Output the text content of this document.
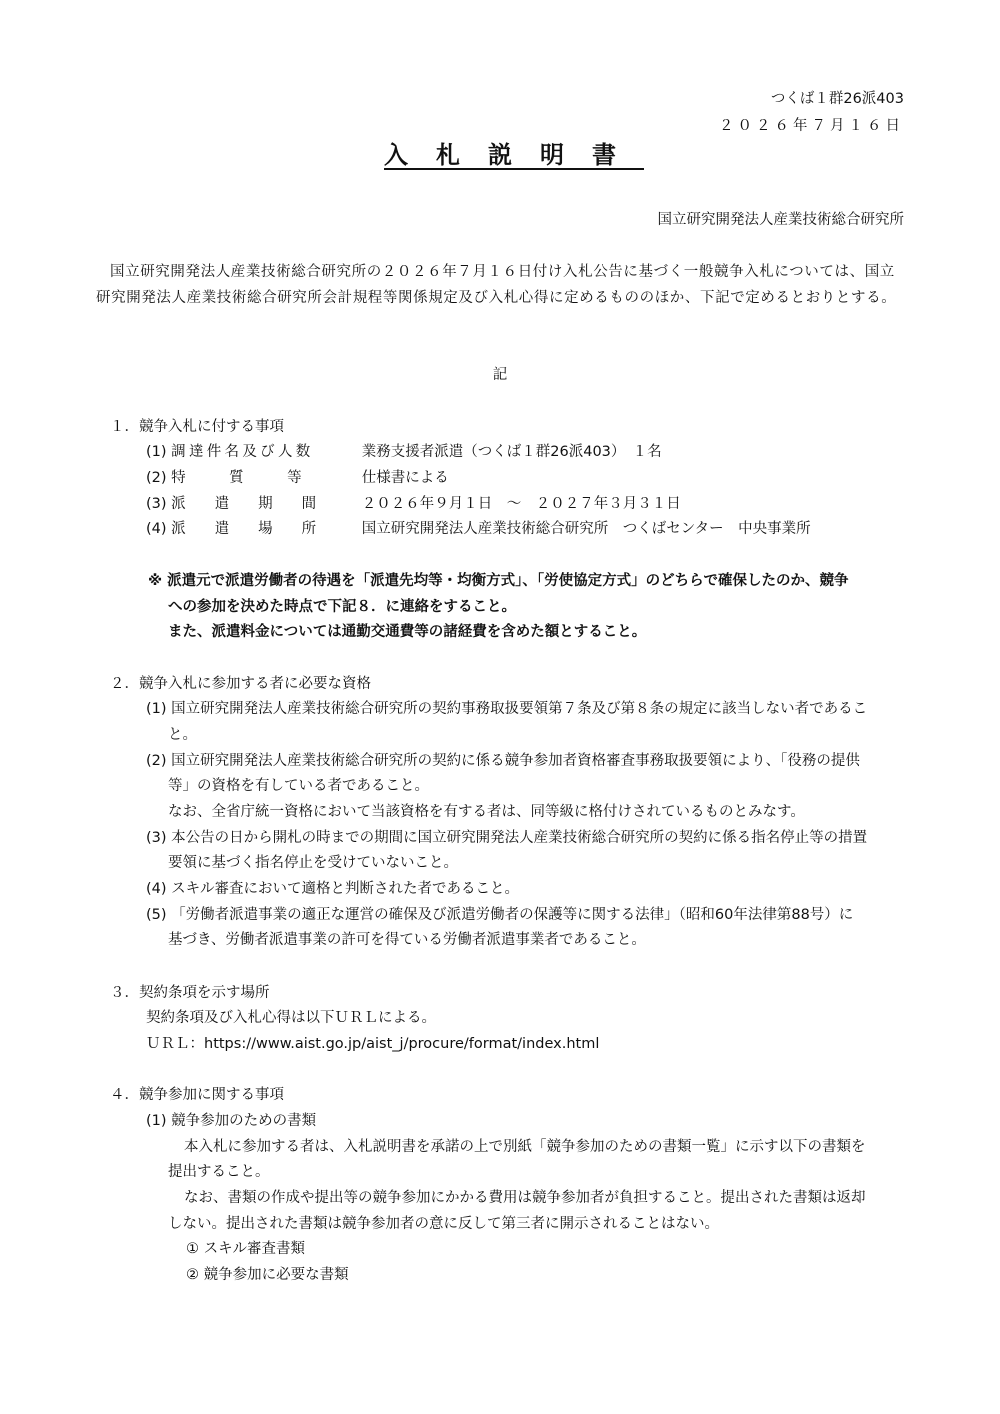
つくば１群26派403
２０２６年７月１６日
入札説明書
国立研究開発法人産業技術総合研究所
国立研究開発法人産業技術総合研究所の２０２６年７月１６日付け入札公告に基づく一般競争入札については、国立研究開発法人産業技術総合研究所会計規程等関係規定及び入札心得に定めるもののほか、下記で定めるとおりとする。
記
１．競争入札に付する事項
(1) 調達件名及び人数	業務支援者派遣（つくば１群26派403）　１名
(2) 特　　　質　　　等	仕様書による
(3) 派　　遣　　期　　間	２０２６年９月１日　～　２０２７年３月３１日
(4) 派　　遣　　場　　所	国立研究開発法人産業技術総合研究所　つくばセンター　中央事業所
※ 派遣元で派遣労働者の待遇を「派遣先均等・均衡方式」、「労使協定方式」のどちらで確保したのか、競争
への参加を決めた時点で下記８．に連絡をすること。
また、派遣料金については通勤交通費等の諸経費を含めた額とすること。
２．競争入札に参加する者に必要な資格
(1) 国立研究開発法人産業技術総合研究所の契約事務取扱要領第７条及び第８条の規定に該当しない者であるこ
と。
(2) 国立研究開発法人産業技術総合研究所の契約に係る競争参加者資格審査事務取扱要領により、「役務の提供
等」の資格を有している者であること。
なお、全省庁統一資格において当該資格を有する者は、同等級に格付けされているものとみなす。
(3) 本公告の日から開札の時までの期間に国立研究開発法人産業技術総合研究所の契約に係る指名停止等の措置
要領に基づく指名停止を受けていないこと。
(4) スキル審査において適格と判断された者であること。
(5) 「労働者派遣事業の適正な運営の確保及び派遣労働者の保護等に関する法律」（昭和60年法律第88号）に
基づき、労働者派遣事業の許可を得ている労働者派遣事業者であること。
３．契約条項を示す場所
契約条項及び入札心得は以下ＵＲＬによる。
ＵＲＬ：https://www.aist.go.jp/aist_j/procure/format/index.html
４．競争参加に関する事項
(1) 競争参加のための書類
本入札に参加する者は、入札説明書を承諾の上で別紙「競争参加のための書類一覧」に示す以下の書類を
提出すること。
なお、書類の作成や提出等の競争参加にかかる費用は競争参加者が負担すること。提出された書類は返却
しない。提出された書類は競争参加者の意に反して第三者に開示されることはない。
① スキル審査書類
② 競争参加に必要な書類
